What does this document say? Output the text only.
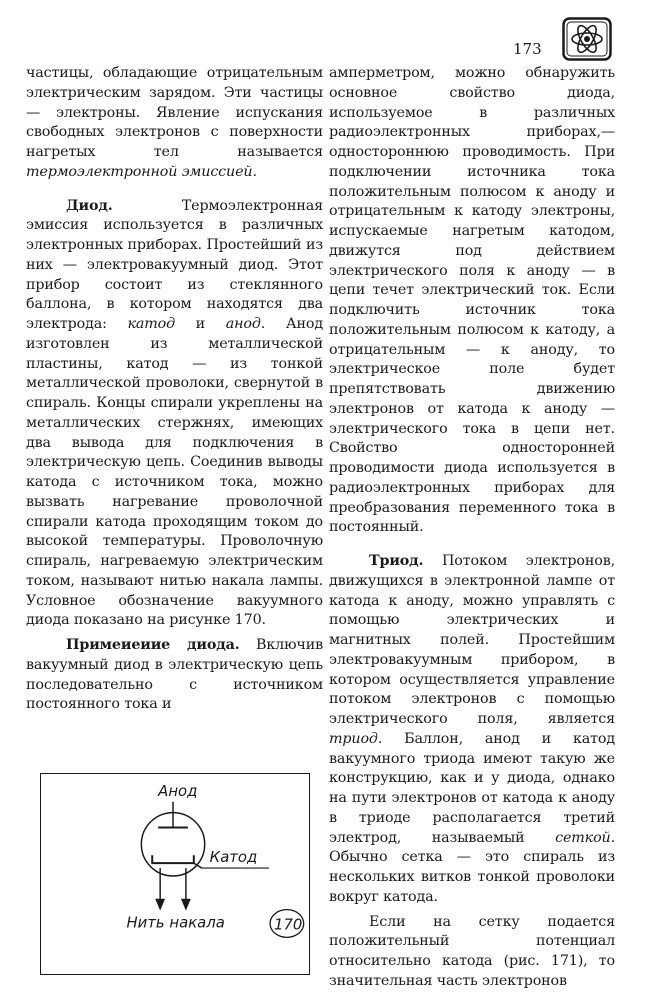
173

частицы, обладающие отрицательным электрическим зарядом. Эти частицы — электроны. Явление испускания свободных электронов с поверхности нагретых тел называется термоэлектронной эмиссией.

Диод. Термоэлектронная эмиссия используется в различных электронных приборах. Простейший из них — электровакуумный диод. Этот прибор состоит из стеклянного баллона, в котором находятся два электрода: катод и анод. Анод изготовлен из металлической пластины, катод — из тонкой металлической проволоки, свернутой в спираль. Концы спирали укреплены на металлических стержнях, имеющих два вывода для подключения в электрическую цепь. Соединив выводы катода с источником тока, можно вызвать нагревание проволочной спирали катода проходящим током до высокой температуры. Проволочную спираль, нагреваемую электрическим током, называют нитью накала лампы. Условное обозначение вакуумного диода показано на рисунке 170.

Примеиеиие диода. Включив вакуумный диод в электрическую цепь последовательно с источником постоянного тока и

амперметром, можно обнаружить основное свойство диода, используемое в различных радиоэлектронных приборах,— одностороннюю проводимость. При подключении источника тока положительным полюсом к аноду и отрицательным к катоду электроны, испускаемые нагретым катодом, движутся под действием электрического поля к аноду — в цепи течет электрический ток. Если подключить источник тока положительным полюсом к катоду, а отрицательным — к аноду, то электрическое поле будет препятствовать движению электронов от катода к аноду — электрического тока в цепи нет. Свойство односторонней проводимости диода используется в радиоэлектронных приборах для преобразования переменного тока в постоянный.

Триод. Потоком электронов, движущихся в электронной лампе от катода к аноду, можно управлять с помощью электрических и магнитных полей. Простейшим электровакуумным прибором, в котором осуществляется управление потоком электронов с помощью электрического поля, является триод. Баллон, анод и катод вакуумного триода имеют такую же конструкцию, как и у диода, однако на пути электронов от катода к аноду в триоде располагается третий электрод, называемый сеткой. Обычно сетка — это спираль из нескольких витков тонкой проволоки вокруг катода.

Если на сетку подается положительный потенциал относительно катода (рис. 171), то значительная часть электронов

Анод
Катод
Нить накала	170
